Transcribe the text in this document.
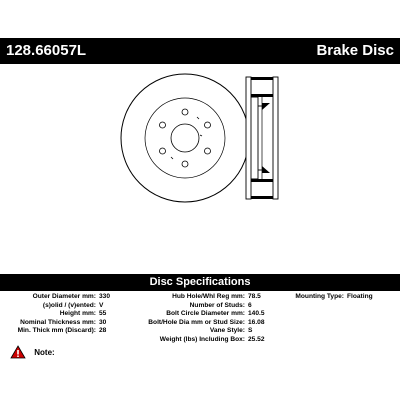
128.66057L	Brake Disc
Disc Specifications
Outer Diameter mm: 330
(s)olid / (v)ented: V
Height mm: 55
Nominal Thickness mm: 30
Min. Thick mm (Discard): 28
Hub Hole/Whl Reg mm: 78.5
Number of Studs: 6
Bolt Circle Diameter mm: 140.5
Bolt/Hole Dia mm or Stud Size: 16.08
Vane Style: S
Weight (lbs) Including Box: 25.52
Mounting Type: Floating
Note:
